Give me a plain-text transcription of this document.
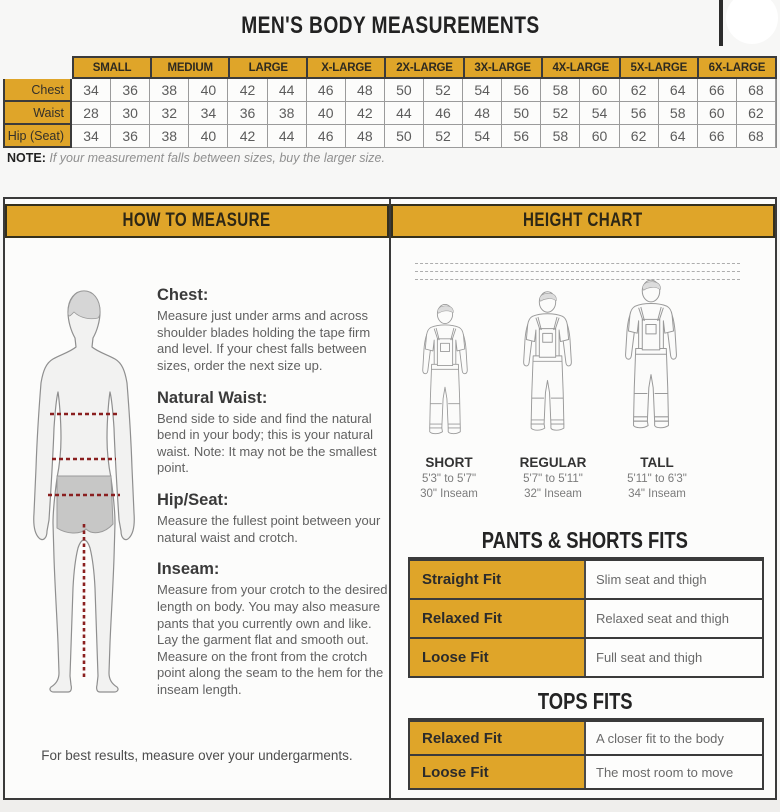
MEN'S BODY MEASUREMENTS
SMALL	MEDIUM	LARGE	X-LARGE	2X-LARGE	3X-LARGE	4X-LARGE	5X-LARGE	6X-LARGE
Chest	34	36	38	40	42	44	46	48	50	52	54	56	58	60	62	64	66	68
Waist	28	30	32	34	36	38	40	42	44	46	48	50	52	54	56	58	60	62
Hip (Seat)	34	36	38	40	42	44	46	48	50	52	54	56	58	60	62	64	66	68
NOTE: If your measurement falls between sizes, buy the larger size.
HOW TO MEASURE	HEIGHT CHART
Chest:

Measure just under arms and across shoulder blades holding the tape firm and level. If your chest falls between sizes, order the next size up.

Natural Waist:

Bend side to side and find the natural bend in your body; this is your natural waist. Note: It may not be the smallest point.

Hip/Seat:

Measure the fullest point between your natural waist and crotch.

Inseam:

Measure from your crotch to the desired length on body. You may also measure pants that you currently own and like. Lay the garment flat and smooth out. Measure on the front from the crotch point along the seam to the hem for the inseam length.

For best results, measure over your undergarments.
SHORT
5'3" to 5'7"
30" Inseam
REGULAR
5'7" to 5'11"
32" Inseam
TALL
5'11" to 6'3"
34" Inseam
PANTS & SHORTS FITS
Straight Fit	Slim seat and thigh
Relaxed Fit	Relaxed seat and thigh
Loose Fit	Full seat and thigh
TOPS FITS
Relaxed Fit	A closer fit to the body
Loose Fit	The most room to move
